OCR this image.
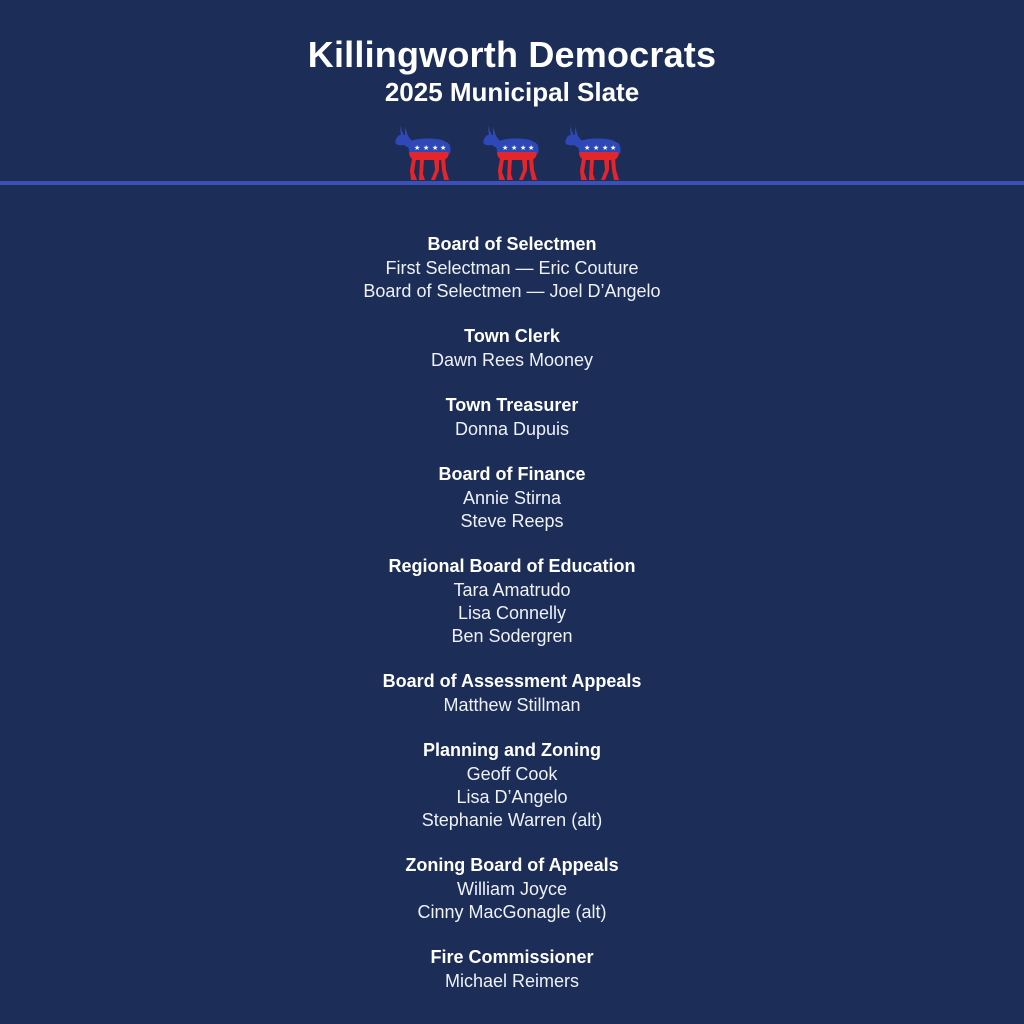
Killingworth Democrats
2025 Municipal Slate
★ ★ ★ ★	★ ★ ★ ★	★ ★ ★ ★
Board of Selectmen
First Selectman — Eric Couture
Board of Selectmen — Joel D’Angelo
Town Clerk
Dawn Rees Mooney
Town Treasurer
Donna Dupuis
Board of Finance
Annie Stirna
Steve Reeps
Regional Board of Education
Tara Amatrudo
Lisa Connelly
Ben Sodergren
Board of Assessment Appeals
Matthew Stillman
Planning and Zoning
Geoff Cook
Lisa D’Angelo
Stephanie Warren (alt)
Zoning Board of Appeals
William Joyce
Cinny MacGonagle (alt)
Fire Commissioner
Michael Reimers
